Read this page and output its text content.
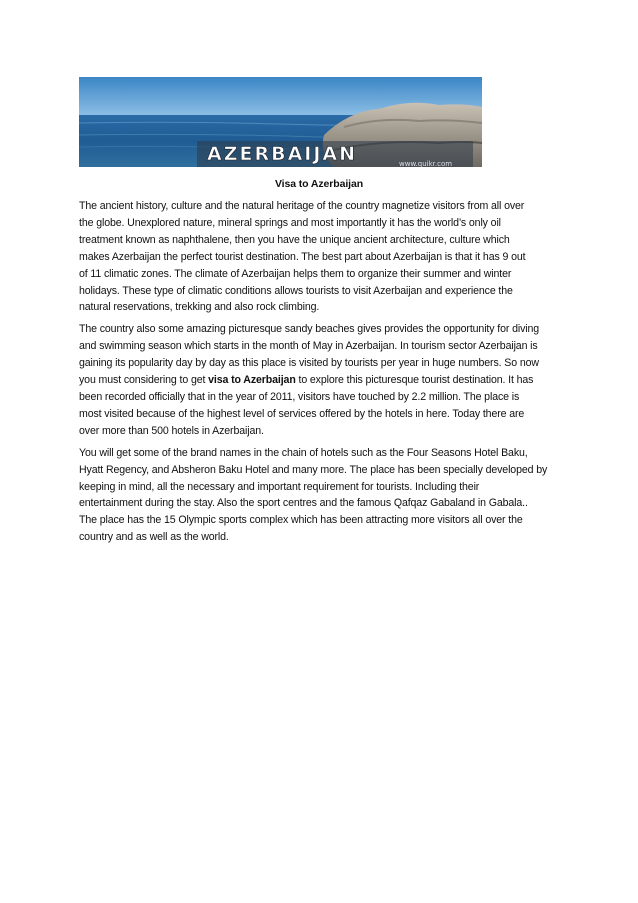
AZERBAIJAN	www.quikr.com
Visa to Azerbaijan

The ancient history, culture and the natural heritage of the country magnetize visitors from all over
the globe. Unexplored nature, mineral springs and most importantly it has the world’s only oil
treatment known as naphthalene, then you have the unique ancient architecture, culture which
makes Azerbaijan the perfect tourist destination. The best part about Azerbaijan is that it has 9 out
of 11 climatic zones. The climate of Azerbaijan helps them to organize their summer and winter
holidays. These type of climatic conditions allows tourists to visit Azerbaijan and experience the
natural reservations, trekking and also rock climbing.

The country also some amazing picturesque sandy beaches gives provides the opportunity for diving
and swimming season which starts in the month of May in Azerbaijan. In tourism sector Azerbaijan is
gaining its popularity day by day as this place is visited by tourists per year in huge numbers. So now
you must considering to get visa to Azerbaijan to explore this picturesque tourist destination. It has
been recorded officially that in the year of 2011, visitors have touched by 2.2 million. The place is
most visited because of the highest level of services offered by the hotels in here. Today there are
over more than 500 hotels in Azerbaijan.

You will get some of the brand names in the chain of hotels such as the Four Seasons Hotel Baku,
Hyatt Regency, and Absheron Baku Hotel and many more. The place has been specially developed by
keeping in mind, all the necessary and important requirement for tourists. Including their
entertainment during the stay. Also the sport centres and the famous Qafqaz Gabaland in Gabala..
The place has the 15 Olympic sports complex which has been attracting more visitors all over the
country and as well as the world.
